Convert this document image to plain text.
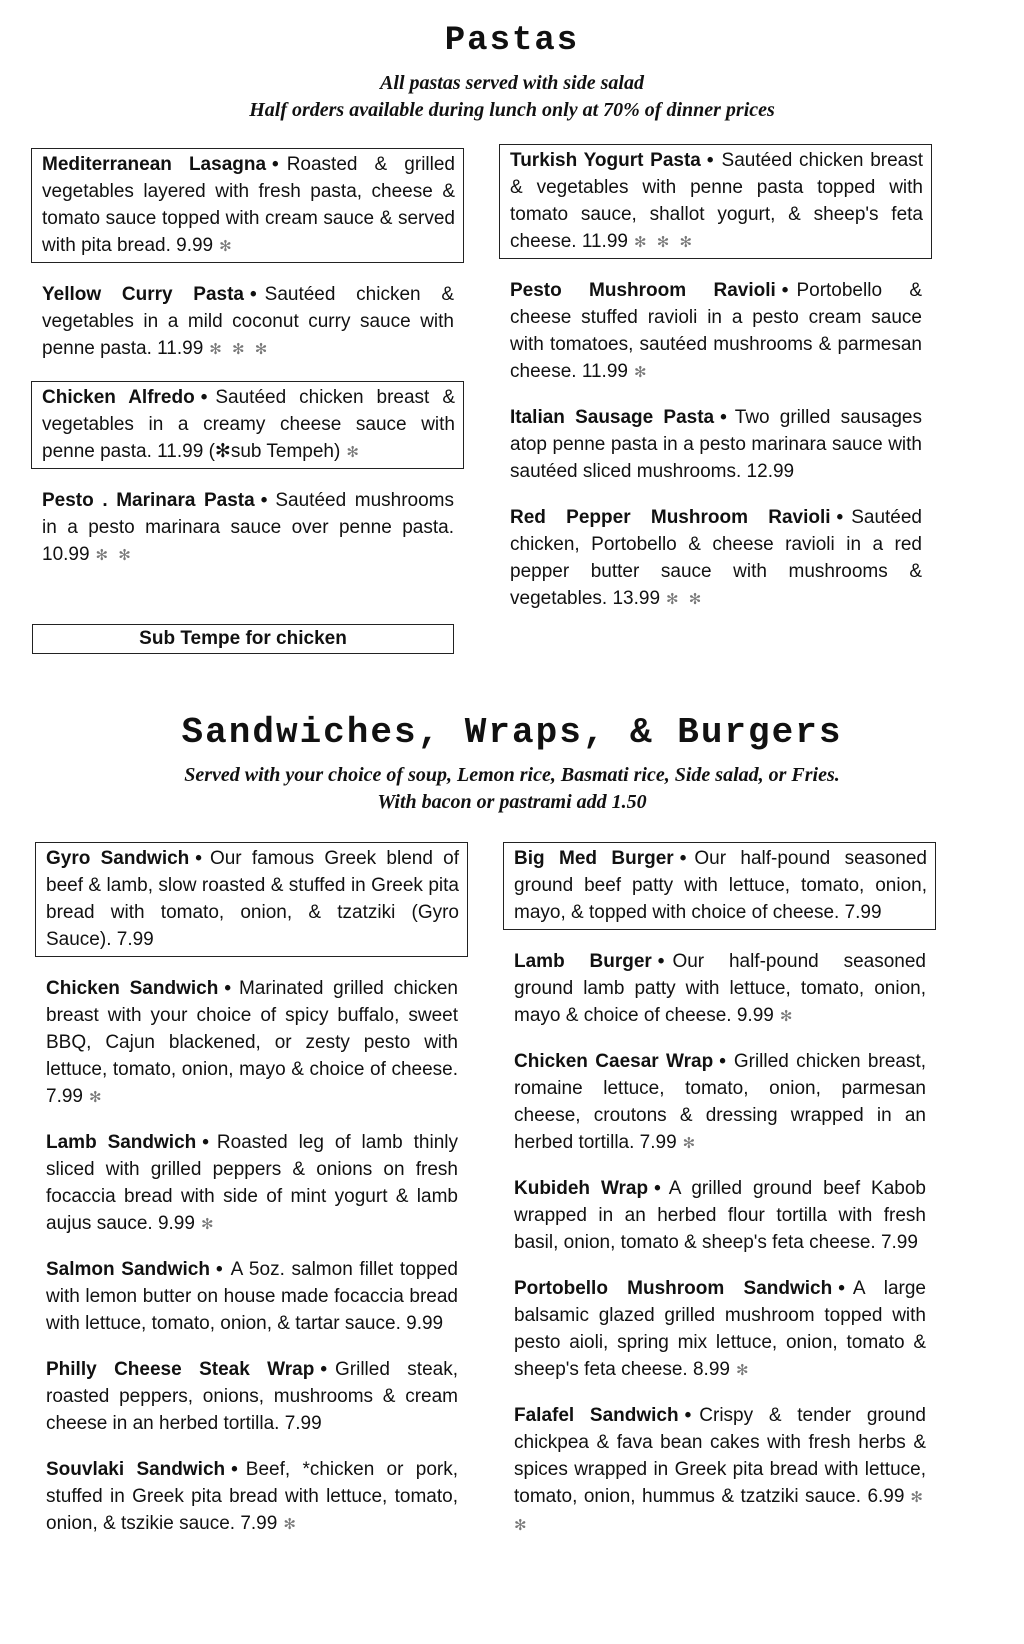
Pastas
All pastas served with side salad
Half orders available during lunch only at 70% of dinner prices
Mediterranean Lasagna • Roasted & grilled vegetables layered with fresh pasta, cheese & tomato sauce topped with cream sauce & served with pita bread. 9.99 ✻
Yellow Curry Pasta • Sautéed chicken & vegetables in a mild coconut curry sauce with penne pasta. 11.99 ✻ ✻ ✻
Chicken Alfredo • Sautéed chicken breast & vegetables in a creamy cheese sauce with penne pasta. 11.99 (✻sub Tempeh) ✻
Pesto . Marinara Pasta • Sautéed mushrooms in a pesto marinara sauce over penne pasta. 10.99 ✻ ✻
Turkish Yogurt Pasta • Sautéed chicken breast & vegetables with penne pasta topped with tomato sauce, shallot yogurt, & sheep's feta cheese. 11.99 ✻ ✻ ✻
Pesto Mushroom Ravioli • Portobello & cheese stuffed ravioli in a pesto cream sauce with tomatoes, sautéed mushrooms & parmesan cheese. 11.99 ✻
Italian Sausage Pasta • Two grilled sausages atop penne pasta in a pesto marinara sauce with sautéed sliced mushrooms. 12.99
Red Pepper Mushroom Ravioli • Sautéed chicken, Portobello & cheese ravioli in a red pepper butter sauce with mushrooms & vegetables. 13.99 ✻ ✻
Sub Tempe for chicken
Sandwiches, Wraps, & Burgers
Served with your choice of soup, Lemon rice, Basmati rice, Side salad, or Fries.
With bacon or pastrami add 1.50
Gyro Sandwich • Our famous Greek blend of beef & lamb, slow roasted & stuffed in Greek pita bread with tomato, onion, & tzatziki (Gyro Sauce). 7.99
Chicken Sandwich • Marinated grilled chicken breast with your choice of spicy buffalo, sweet BBQ, Cajun blackened, or zesty pesto with lettuce, tomato, onion, mayo & choice of cheese. 7.99 ✻
Lamb Sandwich • Roasted leg of lamb thinly sliced with grilled peppers & onions on fresh focaccia bread with side of mint yogurt & lamb aujus sauce. 9.99 ✻
Salmon Sandwich • A 5oz. salmon fillet topped with lemon butter on house made focaccia bread with lettuce, tomato, onion, & tartar sauce. 9.99
Philly Cheese Steak Wrap • Grilled steak, roasted peppers, onions, mushrooms & cream cheese in an herbed tortilla. 7.99
Souvlaki Sandwich • Beef, *chicken or pork, stuffed in Greek pita bread with lettuce, tomato, onion, & tszikie sauce. 7.99 ✻
Big Med Burger • Our half-pound seasoned ground beef patty with lettuce, tomato, onion, mayo, & topped with choice of cheese. 7.99
Lamb Burger • Our half-pound seasoned ground lamb patty with lettuce, tomato, onion, mayo & choice of cheese. 9.99 ✻
Chicken Caesar Wrap • Grilled chicken breast, romaine lettuce, tomato, onion, parmesan cheese, croutons & dressing wrapped in an herbed tortilla. 7.99 ✻
Kubideh Wrap • A grilled ground beef Kabob wrapped in an herbed flour tortilla with fresh basil, onion, tomato & sheep's feta cheese. 7.99
Portobello Mushroom Sandwich • A large balsamic glazed grilled mushroom topped with pesto aioli, spring mix lettuce, onion, tomato & sheep's feta cheese. 8.99 ✻
Falafel Sandwich • Crispy & tender ground chickpea & fava bean cakes with fresh herbs & spices wrapped in Greek pita bread with lettuce, tomato, onion, hummus & tzatziki sauce. 6.99 ✻ ✻
